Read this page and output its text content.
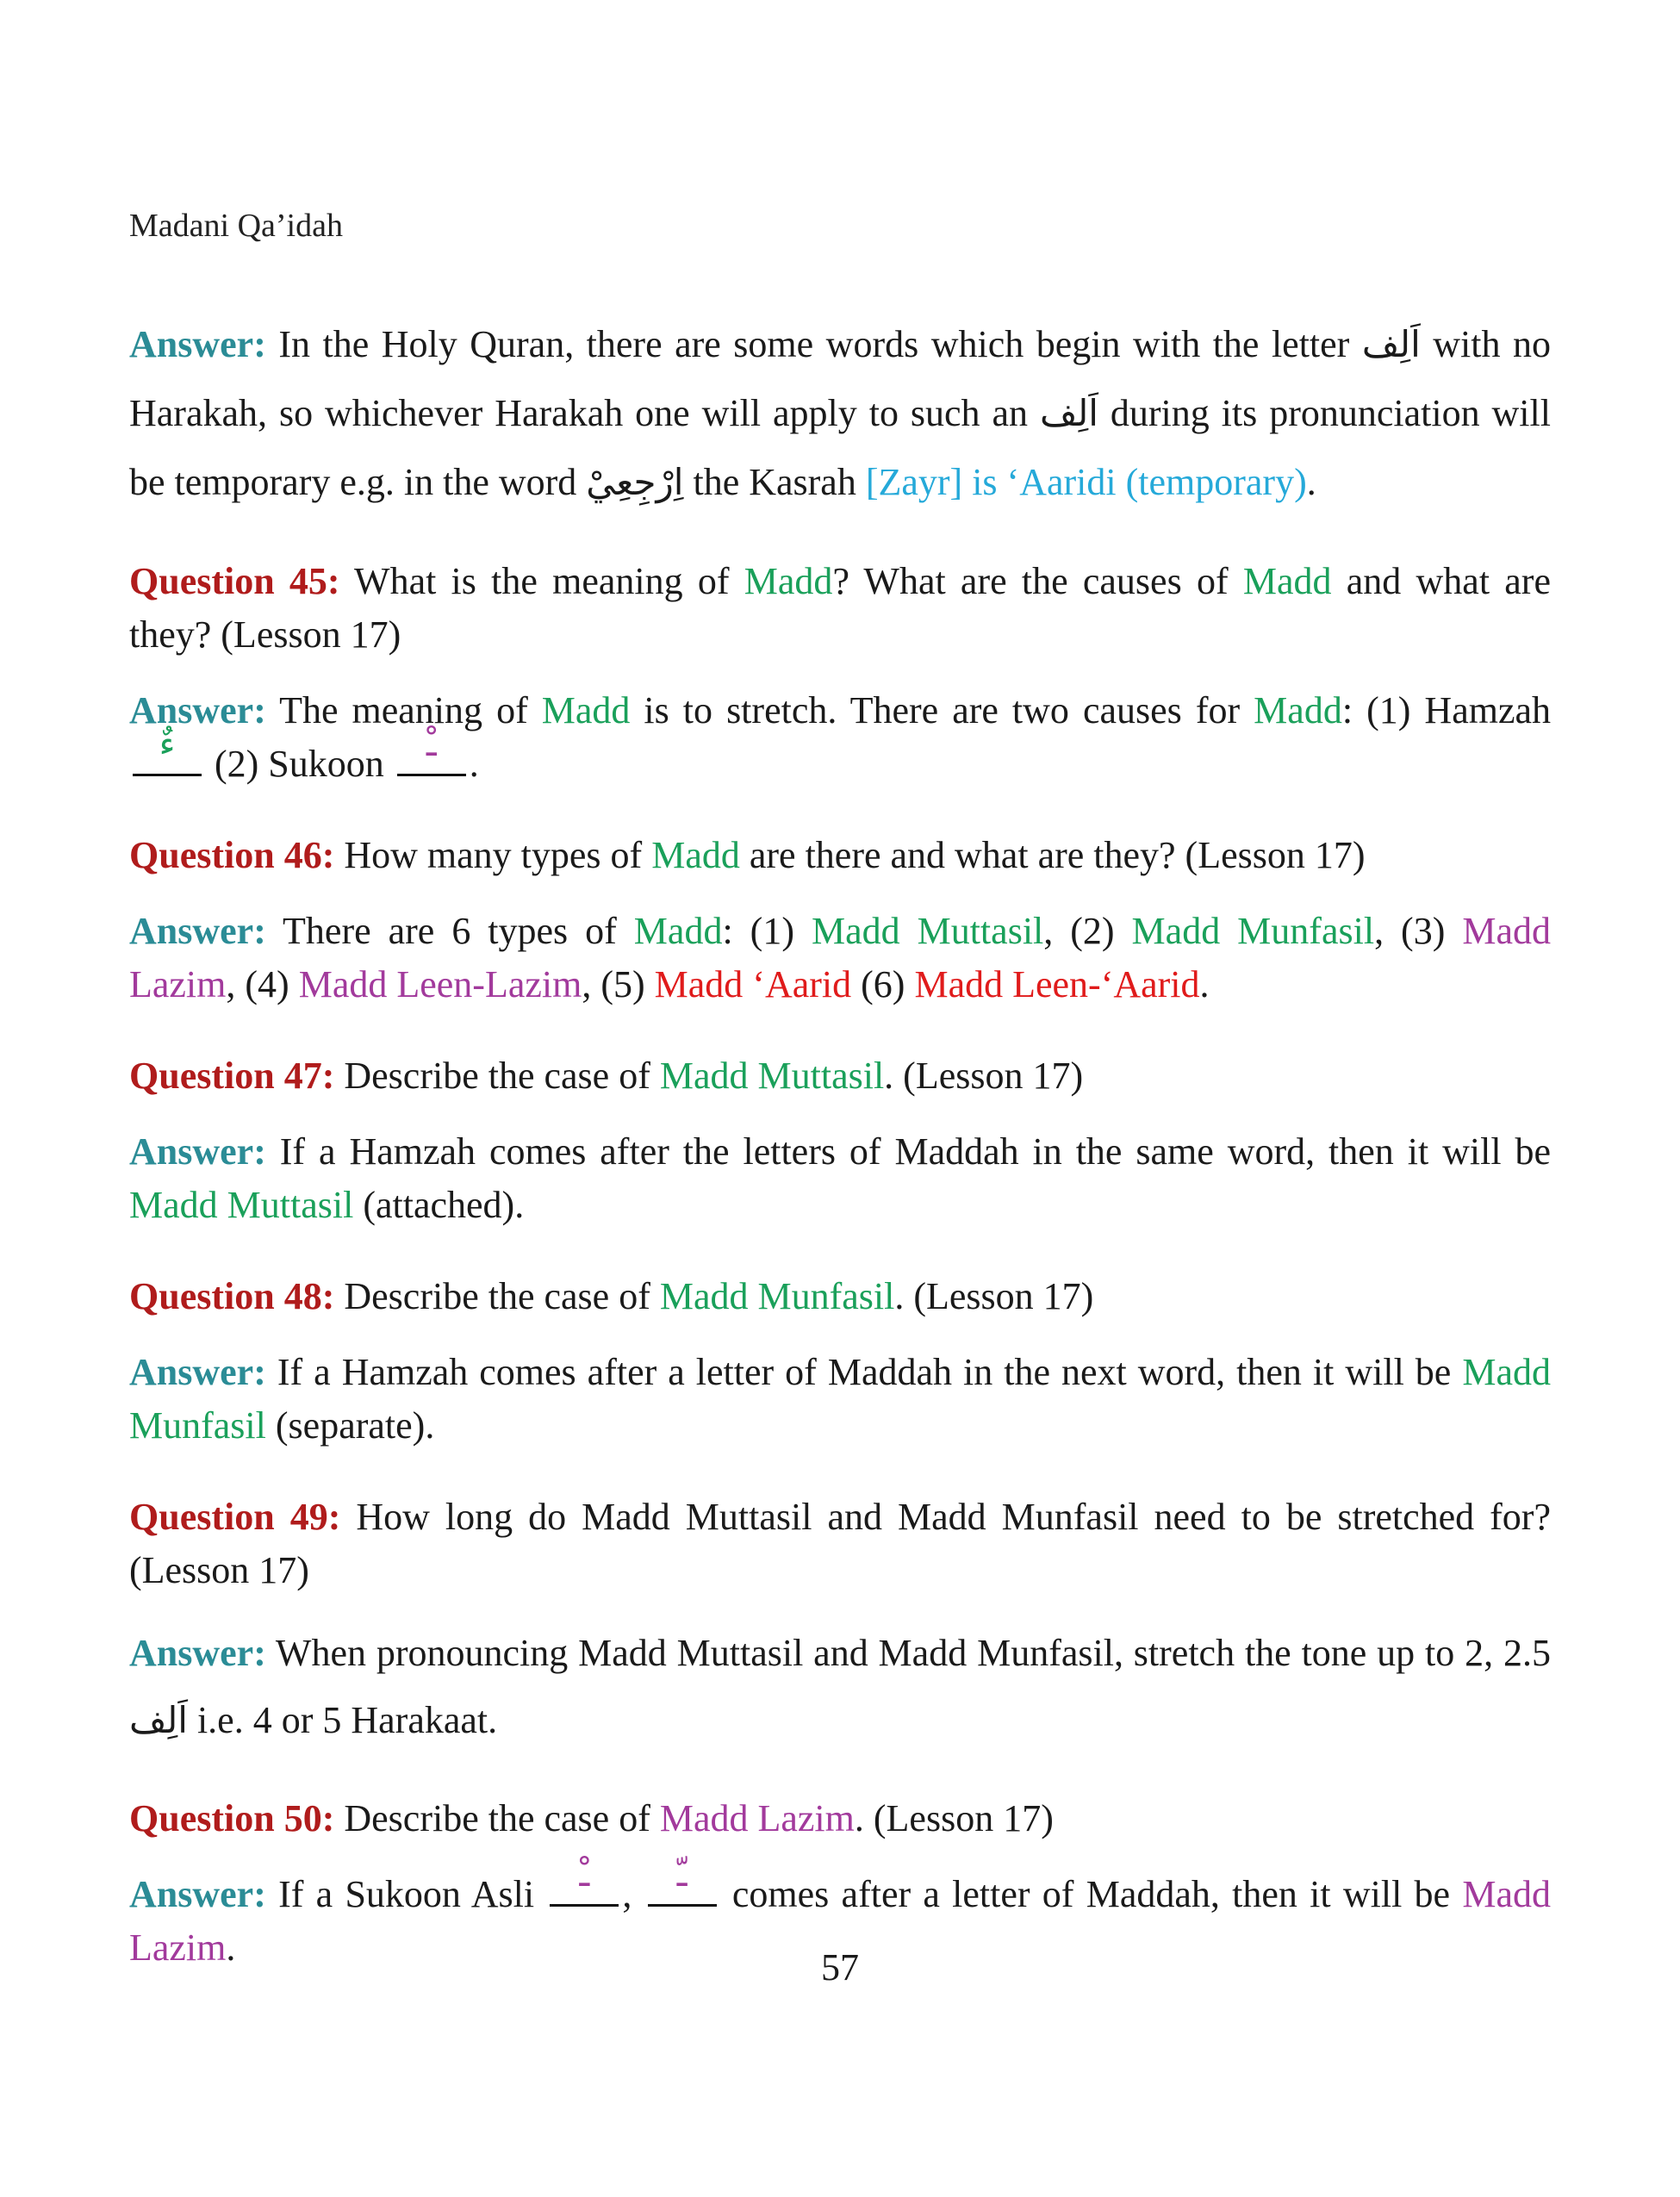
Madani Qa’idah

Answer: In the Holy Quran, there are some words which begin with the letter اَلِف with no Harakah, so whichever Harakah one will apply to such an اَلِف during its pronunciation will be temporary e.g. in the word اِرْجِعِيْ the Kasrah [Zayr] is ‘Aaridi (temporary).

Question 45: What is the meaning of Madd? What are the causes of Madd and what are they? (Lesson 17)

Answer: The meaning of Madd is to stretch. There are two causes for Madd: (1) Hamzah
ءٌ (2) Sukoon ـْ .

Question 46: How many types of Madd are there and what are they? (Lesson 17)

Answer: There are 6 types of Madd: (1) Madd Muttasil, (2) Madd Munfasil, (3) Madd Lazim, (4) Madd Leen-Lazim, (5) Madd ‘Aarid (6) Madd Leen-‘Aarid.

Question 47: Describe the case of Madd Muttasil. (Lesson 17)

Answer: If a Hamzah comes after the letters of Maddah in the same word, then it will be Madd Muttasil (attached).

Question 48: Describe the case of Madd Munfasil. (Lesson 17)

Answer: If a Hamzah comes after a letter of Maddah in the next word, then it will be Madd Munfasil (separate).

Question 49: How long do Madd Muttasil and Madd Munfasil need to be stretched for? (Lesson 17)

Answer: When pronouncing Madd Muttasil and Madd Munfasil, stretch the tone up to 2, 2.5 اَلِف i.e. 4 or 5 Harakaat.

Question 50: Describe the case of Madd Lazim. (Lesson 17)

Answer: If a Sukoon Asli ـْ , ـّ comes after a letter of Maddah, then it will be Madd Lazim.	57
